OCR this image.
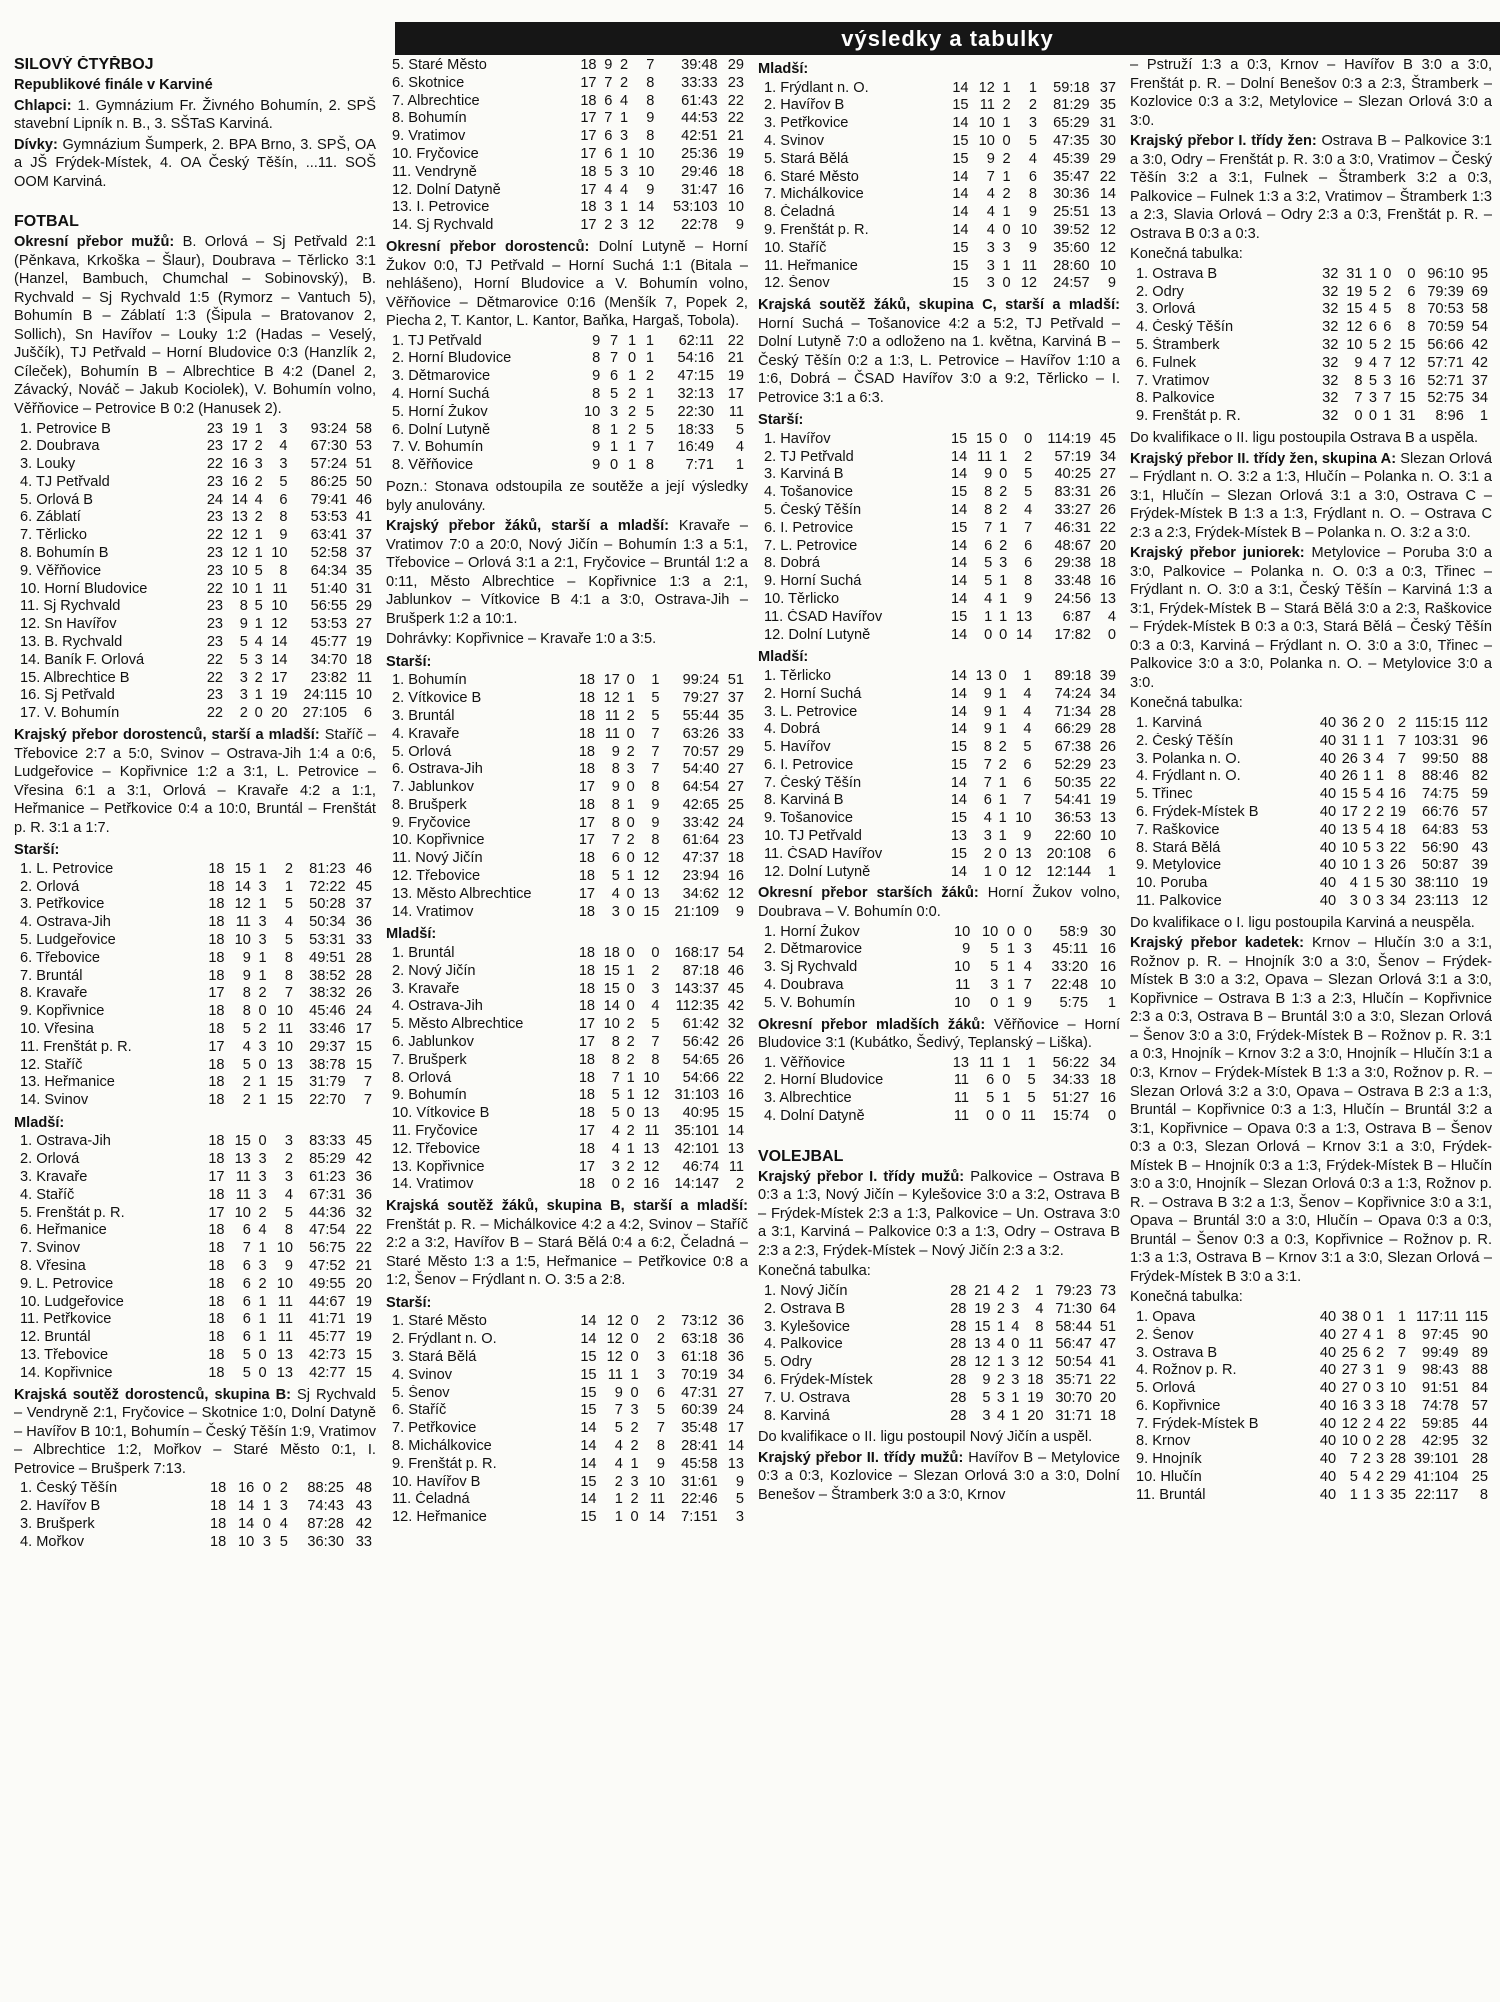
výsledky a tabulky
SILOVÝ ČTYŘBOJ
Republikové finále v Karviné
Chlapci: 1. Gymnázium Fr. Živného Bohumín, 2. SPŠ stavební Lipník n. B., 3. SŠTaS Karviná.
Dívky: Gymnázium Šumperk, 2. BPA Brno, 3. SPŠ, OA a JŠ Frýdek-Místek, 4. OA Český Těšín, ...11. SOŠ OOM Karviná.
FOTBAL
Okresní přebor mužů: B. Orlová – Sj Petřvald 2:1 (Pěnkava, Krkoška – Šlaur), Doubrava – Těrlicko 3:1 (Hanzel, Bambuch, Chumchal – Sobinovský), B. Rychvald – Sj Rychvald 1:5 (Rymorz – Vantuch 5), Bohumín B – Záblatí 1:3 (Šipula – Bratovanov 2, Sollich), Sn Havířov – Louky 1:2 (Hadas – Veselý, Juščík), TJ Petřvald – Horní Bludovice 0:3 (Hanzlík 2, Cíleček), Bohumín B – Albrechtice B 4:2 (Danel 2, Závacký, Nováč – Jakub Kociolek), V. Bohumín volno, Věřňovice – Petrovice B 0:2 (Hanusek 2).
1. Petrovice B	23	19	1	3	93:24	58
2. Doubrava	23	17	2	4	67:30	53
3. Louky	22	16	3	3	57:24	51
4. TJ Petřvald	23	16	2	5	86:25	50
5. Orlová B	24	14	4	6	79:41	46
6. Záblatí	23	13	2	8	53:53	41
7. Těrlicko	22	12	1	9	63:41	37
8. Bohumín B	23	12	1	10	52:58	37
9. Věřňovice	23	10	5	8	64:34	35
10. Horní Bludovice	22	10	1	11	51:40	31
11. Sj Rychvald	23	8	5	10	56:55	29
12. Sn Havířov	23	9	1	12	53:53	27
13. B. Rychvald	23	5	4	14	45:77	19
14. Baník F. Orlová	22	5	3	14	34:70	18
15. Albrechtice B	22	3	2	17	23:82	11
16. Sj Petřvald	23	3	1	19	24:115	10
17. V. Bohumín	22	2	0	20	27:105	6
Krajský přebor dorostenců, starší a mladší: Staříč – Třebovice 2:7 a 5:0, Svinov – Ostrava-Jih 1:4 a 0:6, Ludgeřovice – Kopřivnice 1:2 a 3:1, L. Petrovice – Vřesina 6:1 a 3:1, Orlová – Kravaře 4:2 a 1:1, Heřmanice – Petřkovice 0:4 a 10:0, Bruntál – Frenštát p. R. 3:1 a 1:7.
Starší:
1. L. Petrovice	18	15	1	2	81:23	46
2. Orlová	18	14	3	1	72:22	45
3. Petřkovice	18	12	1	5	50:28	37
4. Ostrava-Jih	18	11	3	4	50:34	36
5. Ludgeřovice	18	10	3	5	53:31	33
6. Třebovice	18	9	1	8	49:51	28
7. Bruntál	18	9	1	8	38:52	28
8. Kravaře	17	8	2	7	38:32	26
9. Kopřivnice	18	8	0	10	45:46	24
10. Vřesina	18	5	2	11	33:46	17
11. Frenštát p. R.	17	4	3	10	29:37	15
12. Staříč	18	5	0	13	38:78	15
13. Heřmanice	18	2	1	15	31:79	7
14. Svinov	18	2	1	15	22:70	7
Mladší:
1. Ostrava-Jih	18	15	0	3	83:33	45
2. Orlová	18	13	3	2	85:29	42
3. Kravaře	17	11	3	3	61:23	36
4. Staříč	18	11	3	4	67:31	36
5. Frenštát p. R.	17	10	2	5	44:36	32
6. Heřmanice	18	6	4	8	47:54	22
7. Svinov	18	7	1	10	56:75	22
8. Vřesina	18	6	3	9	47:52	21
9. L. Petrovice	18	6	2	10	49:55	20
10. Ludgeřovice	18	6	1	11	44:67	19
11. Petřkovice	18	6	1	11	41:71	19
12. Bruntál	18	6	1	11	45:77	19
13. Třebovice	18	5	0	13	42:73	15
14. Kopřivnice	18	5	0	13	42:77	15
Krajská soutěž dorostenců, skupina B: Sj Rychvald – Vendryně 2:1, Fryčovice – Skotnice 1:0, Dolní Datyně – Havířov B 10:1, Bohumín – Český Těšín 1:9, Vratimov – Albrechtice 1:2, Mořkov – Staré Město 0:1, I. Petrovice – Brušperk 7:13.
1. Český Těšín	18	16	0	2	88:25	48
2. Havířov B	18	14	1	3	74:43	43
3. Brušperk	18	14	0	4	87:28	42
4. Mořkov	18	10	3	5	36:30	33
5. Staré Město	18	9	2	7	39:48	29
6. Skotnice	17	7	2	8	33:33	23
7. Albrechtice	18	6	4	8	61:43	22
8. Bohumín	17	7	1	9	44:53	22
9. Vratimov	17	6	3	8	42:51	21
10. Fryčovice	17	6	1	10	25:36	19
11. Vendryně	18	5	3	10	29:46	18
12. Dolní Datyně	17	4	4	9	31:47	16
13. I. Petrovice	18	3	1	14	53:103	10
14. Sj Rychvald	17	2	3	12	22:78	9
Okresní přebor dorostenců: Dolní Lutyně – Horní Žukov 0:0, TJ Petřvald – Horní Suchá 1:1 (Bitala – nehlášeno), Horní Bludovice a V. Bohumín volno, Věřňovice – Dětmarovice 0:16 (Menšík 7, Popek 2, Piecha 2, T. Kantor, L. Kantor, Baňka, Hargaš, Tobola).
1. TJ Petřvald	9	7	1	1	62:11	22
2. Horní Bludovice	8	7	0	1	54:16	21
3. Dětmarovice	9	6	1	2	47:15	19
4. Horní Suchá	8	5	2	1	32:13	17
5. Horní Žukov	10	3	2	5	22:30	11
6. Dolní Lutyně	8	1	2	5	18:33	5
7. V. Bohumín	9	1	1	7	16:49	4
8. Věřňovice	9	0	1	8	7:71	1
Pozn.: Stonava odstoupila ze soutěže a její výsledky byly anulovány.
Krajský přebor žáků, starší a mladší: Kravaře – Vratimov 7:0 a 20:0, Nový Jičín – Bohumín 1:3 a 5:1, Třebovice – Orlová 3:1 a 2:1, Fryčovice – Bruntál 1:2 a 0:11, Město Albrechtice – Kopřivnice 1:3 a 2:1, Jablunkov – Vítkovice B 4:1 a 3:0, Ostrava-Jih – Brušperk 1:2 a 10:1.
Dohrávky: Kopřivnice – Kravaře 1:0 a 3:5.
Starší:
1. Bohumín	18	17	0	1	99:24	51
2. Vítkovice B	18	12	1	5	79:27	37
3. Bruntál	18	11	2	5	55:44	35
4. Kravaře	18	11	0	7	63:26	33
5. Orlová	18	9	2	7	70:57	29
6. Ostrava-Jih	18	8	3	7	54:40	27
7. Jablunkov	17	9	0	8	64:54	27
8. Brušperk	18	8	1	9	42:65	25
9. Fryčovice	17	8	0	9	33:42	24
10. Kopřivnice	17	7	2	8	61:64	23
11. Nový Jičín	18	6	0	12	47:37	18
12. Třebovice	18	5	1	12	23:94	16
13. Město Albrechtice	17	4	0	13	34:62	12
14. Vratimov	18	3	0	15	21:109	9
Mladší:
1. Bruntál	18	18	0	0	168:17	54
2. Nový Jičín	18	15	1	2	87:18	46
3. Kravaře	18	15	0	3	143:37	45
4. Ostrava-Jih	18	14	0	4	112:35	42
5. Město Albrechtice	17	10	2	5	61:42	32
6. Jablunkov	17	8	2	7	56:42	26
7. Brušperk	18	8	2	8	54:65	26
8. Orlová	18	7	1	10	54:66	22
9. Bohumín	18	5	1	12	31:103	16
10. Vítkovice B	18	5	0	13	40:95	15
11. Fryčovice	17	4	2	11	35:101	14
12. Třebovice	18	4	1	13	42:101	13
13. Kopřivnice	17	3	2	12	46:74	11
14. Vratimov	18	0	2	16	14:147	2
Krajská soutěž žáků, skupina B, starší a mladší: Frenštát p. R. – Michálkovice 4:2 a 4:2, Svinov – Staříč 2:2 a 3:2, Havířov B – Stará Bělá 0:4 a 6:2, Čeladná – Staré Město 1:3 a 1:5, Heřmanice – Petřkovice 0:8 a 1:2, Šenov – Frýdlant n. O. 3:5 a 2:8.
Starší:
1. Staré Město	14	12	0	2	73:12	36
2. Frýdlant n. O.	14	12	0	2	63:18	36
3. Stará Bělá	15	12	0	3	61:18	36
4. Svinov	15	11	1	3	70:19	34
5. Šenov	15	9	0	6	47:31	27
6. Staříč	15	7	3	5	60:39	24
7. Petřkovice	14	5	2	7	35:48	17
8. Michálkovice	14	4	2	8	28:41	14
9. Frenštát p. R.	14	4	1	9	45:58	13
10. Havířov B	15	2	3	10	31:61	9
11. Čeladná	14	1	2	11	22:46	5
12. Heřmanice	15	1	0	14	7:151	3
Mladší:
1. Frýdlant n. O.	14	12	1	1	59:18	37
2. Havířov B	15	11	2	2	81:29	35
3. Petřkovice	14	10	1	3	65:29	31
4. Svinov	15	10	0	5	47:35	30
5. Stará Bělá	15	9	2	4	45:39	29
6. Staré Město	14	7	1	6	35:47	22
7. Michálkovice	14	4	2	8	30:36	14
8. Čeladná	14	4	1	9	25:51	13
9. Frenštát p. R.	14	4	0	10	39:52	12
10. Staříč	15	3	3	9	35:60	12
11. Heřmanice	15	3	1	11	28:60	10
12. Šenov	15	3	0	12	24:57	9
Krajská soutěž žáků, skupina C, starší a mladší: Horní Suchá – Tošanovice 4:2 a 5:2, TJ Petřvald – Dolní Lutyně 7:0 a odloženo na 1. května, Karviná B – Český Těšín 0:2 a 1:3, L. Petrovice – Havířov 1:10 a 1:6, Dobrá – ČSAD Havířov 3:0 a 9:2, Těrlicko – I. Petrovice 3:1 a 6:3.
Starší:
1. Havířov	15	15	0	0	114:19	45
2. TJ Petřvald	14	11	1	2	57:19	34
3. Karviná B	14	9	0	5	40:25	27
4. Tošanovice	15	8	2	5	83:31	26
5. Český Těšín	14	8	2	4	33:27	26
6. I. Petrovice	15	7	1	7	46:31	22
7. L. Petrovice	14	6	2	6	48:67	20
8. Dobrá	14	5	3	6	29:38	18
9. Horní Suchá	14	5	1	8	33:48	16
10. Těrlicko	14	4	1	9	24:56	13
11. ČSAD Havířov	15	1	1	13	6:87	4
12. Dolní Lutyně	14	0	0	14	17:82	0
Mladší:
1. Těrlicko	14	13	0	1	89:18	39
2. Horní Suchá	14	9	1	4	74:24	34
3. L. Petrovice	14	9	1	4	71:34	28
4. Dobrá	14	9	1	4	66:29	28
5. Havířov	15	8	2	5	67:38	26
6. I. Petrovice	15	7	2	6	52:29	23
7. Český Těšín	14	7	1	6	50:35	22
8. Karviná B	14	6	1	7	54:41	19
9. Tošanovice	15	4	1	10	36:53	13
10. TJ Petřvald	13	3	1	9	22:60	10
11. ČSAD Havířov	15	2	0	13	20:108	6
12. Dolní Lutyně	14	1	0	12	12:144	1
Okresní přebor starších žáků: Horní Žukov volno, Doubrava – V. Bohumín 0:0.
1. Horní Žukov	10	10	0	0	58:9	30
2. Dětmarovice	9	5	1	3	45:11	16
3. Sj Rychvald	10	5	1	4	33:20	16
4. Doubrava	11	3	1	7	22:48	10
5. V. Bohumín	10	0	1	9	5:75	1
Okresní přebor mladších žáků: Věřňovice – Horní Bludovice 3:1 (Kubátko, Šedivý, Teplanský – Liška).
1. Věřňovice	13	11	1	1	56:22	34
2. Horní Bludovice	11	6	0	5	34:33	18
3. Albrechtice	11	5	1	5	51:27	16
4. Dolní Datyně	11	0	0	11	15:74	0
VOLEJBAL
Krajský přebor I. třídy mužů: Palkovice – Ostrava B 0:3 a 1:3, Nový Jičín – Kylešovice 3:0 a 3:2, Ostrava B – Frýdek-Místek 2:3 a 1:3, Palkovice – Un. Ostrava 3:0 a 3:1, Karviná – Palkovice 0:3 a 1:3, Odry – Ostrava B 2:3 a 2:3, Frýdek-Místek – Nový Jičín 2:3 a 3:2.
Konečná tabulka:
1. Nový Jičín	28	21	4	2	1	79:23	73
2. Ostrava B	28	19	2	3	4	71:30	64
3. Kylešovice	28	15	1	4	8	58:44	51
4. Palkovice	28	13	4	0	11	56:47	47
5. Odry	28	12	1	3	12	50:54	41
6. Frýdek-Místek	28	9	2	3	18	35:71	22
7. U. Ostrava	28	5	3	1	19	30:70	20
8. Karviná	28	3	4	1	20	31:71	18
Do kvalifikace o II. ligu postoupil Nový Jičín a uspěl.
Krajský přebor II. třídy mužů: Havířov B – Metylovice 0:3 a 0:3, Kozlovice – Slezan Orlová 3:0 a 3:0, Dolní Benešov – Štramberk 3:0 a 3:0, Krnov
– Pstruží 1:3 a 0:3, Krnov – Havířov B 3:0 a 3:0, Frenštát p. R. – Dolní Benešov 0:3 a 2:3, Štramberk – Kozlovice 0:3 a 3:2, Metylovice – Slezan Orlová 3:0 a 3:0.
Krajský přebor I. třídy žen: Ostrava B – Palkovice 3:1 a 3:0, Odry – Frenštát p. R. 3:0 a 3:0, Vratimov – Český Těšín 3:2 a 3:1, Fulnek – Štramberk 3:2 a 0:3, Palkovice – Fulnek 1:3 a 3:2, Vratimov – Štramberk 1:3 a 2:3, Slavia Orlová – Odry 2:3 a 0:3, Frenštát p. R. – Ostrava B 0:3 a 0:3.
Konečná tabulka:
1. Ostrava B	32	31	1	0	0	96:10	95
2. Odry	32	19	5	2	6	79:39	69
3. Orlová	32	15	4	5	8	70:53	58
4. Český Těšín	32	12	6	6	8	70:59	54
5. Štramberk	32	10	5	2	15	56:66	42
6. Fulnek	32	9	4	7	12	57:71	42
7. Vratimov	32	8	5	3	16	52:71	37
8. Palkovice	32	7	3	7	15	52:75	34
9. Frenštát p. R.	32	0	0	1	31	8:96	1
Do kvalifikace o II. ligu postoupila Ostrava B a uspěla.
Krajský přebor II. třídy žen, skupina A: Slezan Orlová – Frýdlant n. O. 3:2 a 1:3, Hlučín – Polanka n. O. 3:1 a 3:1, Hlučín – Slezan Orlová 3:1 a 3:0, Ostrava C – Frýdek-Místek B 1:3 a 1:3, Frýdlant n. O. – Ostrava C 2:3 a 2:3, Frýdek-Místek B – Polanka n. O. 3:2 a 3:0.
Krajský přebor juniorek: Metylovice – Poruba 3:0 a 3:0, Palkovice – Polanka n. O. 0:3 a 0:3, Třinec – Frýdlant n. O. 3:0 a 3:1, Český Těšín – Karviná 1:3 a 3:1, Frýdek-Místek B – Stará Bělá 3:0 a 2:3, Raškovice – Frýdek-Místek B 0:3 a 0:3, Stará Bělá – Český Těšín 0:3 a 0:3, Karviná – Frýdlant n. O. 3:0 a 3:0, Třinec – Palkovice 3:0 a 3:0, Polanka n. O. – Metylovice 3:0 a 3:0.
Konečná tabulka:
1. Karviná	40	36	2	0	2	115:15	112
2. Český Těšín	40	31	1	1	7	103:31	96
3. Polanka n. O.	40	26	3	4	7	99:50	88
4. Frýdlant n. O.	40	26	1	1	8	88:46	82
5. Třinec	40	15	5	4	16	74:75	59
6. Frýdek-Místek B	40	17	2	2	19	66:76	57
7. Raškovice	40	13	5	4	18	64:83	53
8. Stará Bělá	40	10	5	3	22	56:90	43
9. Metylovice	40	10	1	3	26	50:87	39
10. Poruba	40	4	1	5	30	38:110	19
11. Palkovice	40	3	0	3	34	23:113	12
Do kvalifikace o I. ligu postoupila Karviná a neuspěla.
Krajský přebor kadetek: Krnov – Hlučín 3:0 a 3:1, Rožnov p. R. – Hnojník 3:0 a 3:0, Šenov – Frýdek-Místek B 3:0 a 3:2, Opava – Slezan Orlová 3:1 a 3:0, Kopřivnice – Ostrava B 1:3 a 2:3, Hlučín – Kopřivnice 2:3 a 0:3, Ostrava B – Bruntál 3:0 a 3:0, Slezan Orlová – Šenov 3:0 a 3:0, Frýdek-Místek B – Rožnov p. R. 3:1 a 0:3, Hnojník – Krnov 3:2 a 3:0, Hnojník – Hlučín 3:1 a 0:3, Krnov – Frýdek-Místek B 1:3 a 3:0, Rožnov p. R. – Slezan Orlová 3:2 a 3:0, Opava – Ostrava B 2:3 a 1:3, Bruntál – Kopřivnice 0:3 a 1:3, Hlučín – Bruntál 3:2 a 3:1, Kopřivnice – Opava 0:3 a 1:3, Ostrava B – Šenov 0:3 a 0:3, Slezan Orlová – Krnov 3:1 a 3:0, Frýdek-Místek B – Hnojník 0:3 a 1:3, Frýdek-Místek B – Hlučín 3:0 a 3:0, Hnojník – Slezan Orlová 0:3 a 1:3, Rožnov p. R. – Ostrava B 3:2 a 1:3, Šenov – Kopřivnice 3:0 a 3:1, Opava – Bruntál 3:0 a 3:0, Hlučín – Opava 0:3 a 0:3, Bruntál – Šenov 0:3 a 0:3, Kopřivnice – Rožnov p. R. 1:3 a 1:3, Ostrava B – Krnov 3:1 a 3:0, Slezan Orlová – Frýdek-Místek B 3:0 a 3:1.
Konečná tabulka:
1. Opava	40	38	0	1	1	117:11	115
2. Šenov	40	27	4	1	8	97:45	90
3. Ostrava B	40	25	6	2	7	99:49	89
4. Rožnov p. R.	40	27	3	1	9	98:43	88
5. Orlová	40	27	0	3	10	91:51	84
6. Kopřivnice	40	16	3	3	18	74:78	57
7. Frýdek-Místek B	40	12	2	4	22	59:85	44
8. Krnov	40	10	0	2	28	42:95	32
9. Hnojník	40	7	2	3	28	39:101	28
10. Hlučín	40	5	4	2	29	41:104	25
11. Bruntál	40	1	1	3	35	22:117	8
